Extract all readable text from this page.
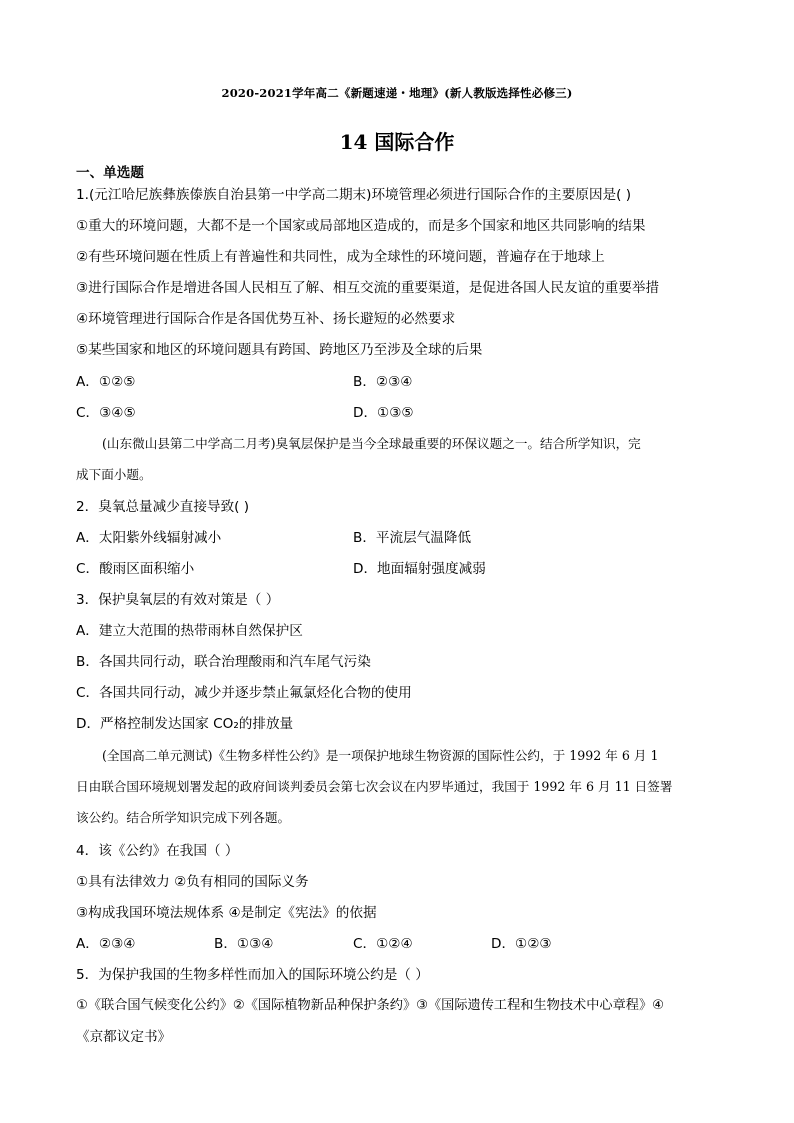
2020-2021学年高二《新题速递・地理》(新人教版选择性必修三)
14 国际合作
一、单选题
1.(元江哈尼族彝族傣族自治县第一中学高二期末)环境管理必须进行国际合作的主要原因是( )
①重大的环境问题，大都不是一个国家或局部地区造成的，而是多个国家和地区共同影响的结果
②有些环境问题在性质上有普遍性和共同性，成为全球性的环境问题，普遍存在于地球上
③进行国际合作是增进各国人民相互了解、相互交流的重要渠道，是促进各国人民友谊的重要举措
④环境管理进行国际合作是各国优势互补、扬长避短的必然要求
⑤某些国家和地区的环境问题具有跨国、跨地区乃至涉及全球的后果
A．①②⑤	B．②③④
C．③④⑤	D．①③⑤
(山东微山县第二中学高二月考)臭氧层保护是当今全球最重要的环保议题之一。结合所学知识，完
成下面小题。
2．臭氧总量减少直接导致( )
A．太阳紫外线辐射减小	B．平流层气温降低
C．酸雨区面积缩小	D．地面辐射强度减弱
3．保护臭氧层的有效对策是（ ）
A．建立大范围的热带雨林自然保护区
B．各国共同行动，联合治理酸雨和汽车尾气污染
C．各国共同行动，减少并逐步禁止氟氯烃化合物的使用
D．严格控制发达国家 CO₂的排放量
(全国高二单元测试)《生物多样性公约》是一项保护地球生物资源的国际性公约，于 1992 年 6 月 1
日由联合国环境规划署发起的政府间谈判委员会第七次会议在内罗毕通过，我国于 1992 年 6 月 11 日签署 该公约。结合所学知识完成下列各题。
4．该《公约》在我国（ ）
①具有法律效力 ②负有相同的国际义务
③构成我国环境法规体系 ④是制定《宪法》的依据
A．②③④	B．①③④	C．①②④	D．①②③
5．为保护我国的生物多样性而加入的国际环境公约是（ ）
①《联合国气候变化公约》②《国际植物新品种保护条约》③《国际遗传工程和生物技术中心章程》④
《京都议定书》
